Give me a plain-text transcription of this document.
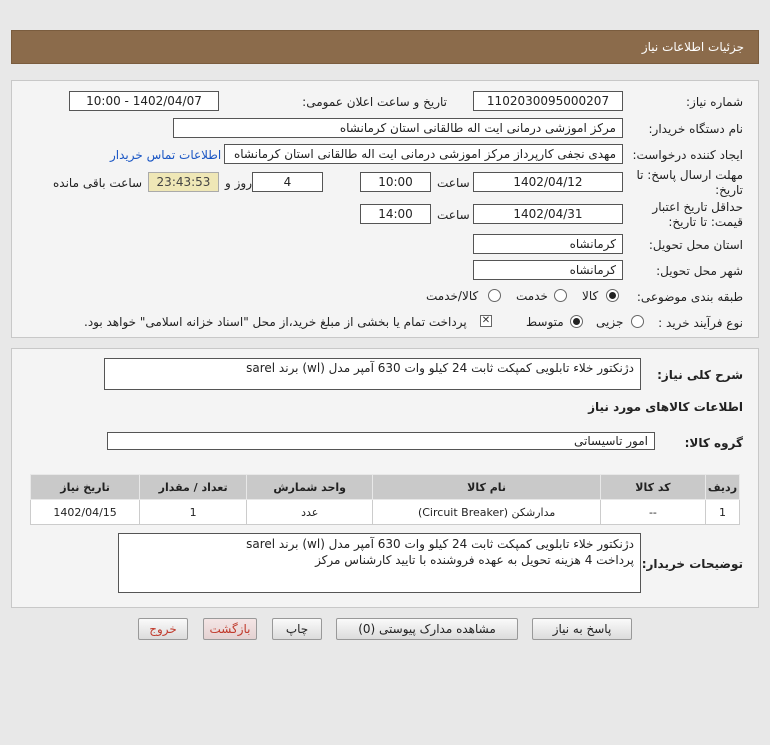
جزئیات اطلاعات نیاز
شماره نیاز:
1102030095000207
تاریخ و ساعت اعلان عمومی:
1402/04/07 - 10:00
نام دستگاه خریدار:
مرکز اموزشی درمانی ایت اله طالقانی استان کرمانشاه
ایجاد کننده درخواست:
مهدی نجفی کارپرداز مرکز اموزشی درمانی ایت اله طالقانی استان کرمانشاه
اطلاعات تماس خریدار
مهلت ارسال پاسخ: تا
تاریخ:
1402/04/12
ساعت
10:00
4
روز و
23:43:53
ساعت باقی مانده
حداقل تاریخ اعتبار
قیمت: تا تاریخ:
1402/04/31
ساعت
14:00
استان محل تحویل:
کرمانشاه
شهر محل تحویل:
کرمانشاه
طبقه بندی موضوعی:
کالا
خدمت
کالا/خدمت
نوع فرآیند خرید :
جزیی
متوسط
✕
پرداخت تمام یا بخشی از مبلغ خرید،از محل "اسناد خزانه اسلامی" خواهد بود.
شرح کلی نیاز:
دژنکتور خلاء تابلویی کمپکت ثابت 24 کیلو وات 630 آمپر مدل (wl) برند sarel
اطلاعات کالاهای مورد نیاز
گروه کالا:
امور تاسیساتی
ردیف	کد کالا	نام کالا	واحد شمارش	تعداد / مقدار	تاریخ نیاز
1	--	مدارشکن (Circuit Breaker)	عدد	1	1402/04/15
توضیحات خریدار:
دژنکتور خلاء تابلویی کمپکت ثابت 24 کیلو وات 630 آمپر مدل (wl) برند sarel
پرداخت 4 هزینه تحویل به عهده فروشنده با تایید کارشناس مرکز
پاسخ به نیاز
مشاهده مدارک پیوستی (0)
چاپ
بازگشت
خروج
